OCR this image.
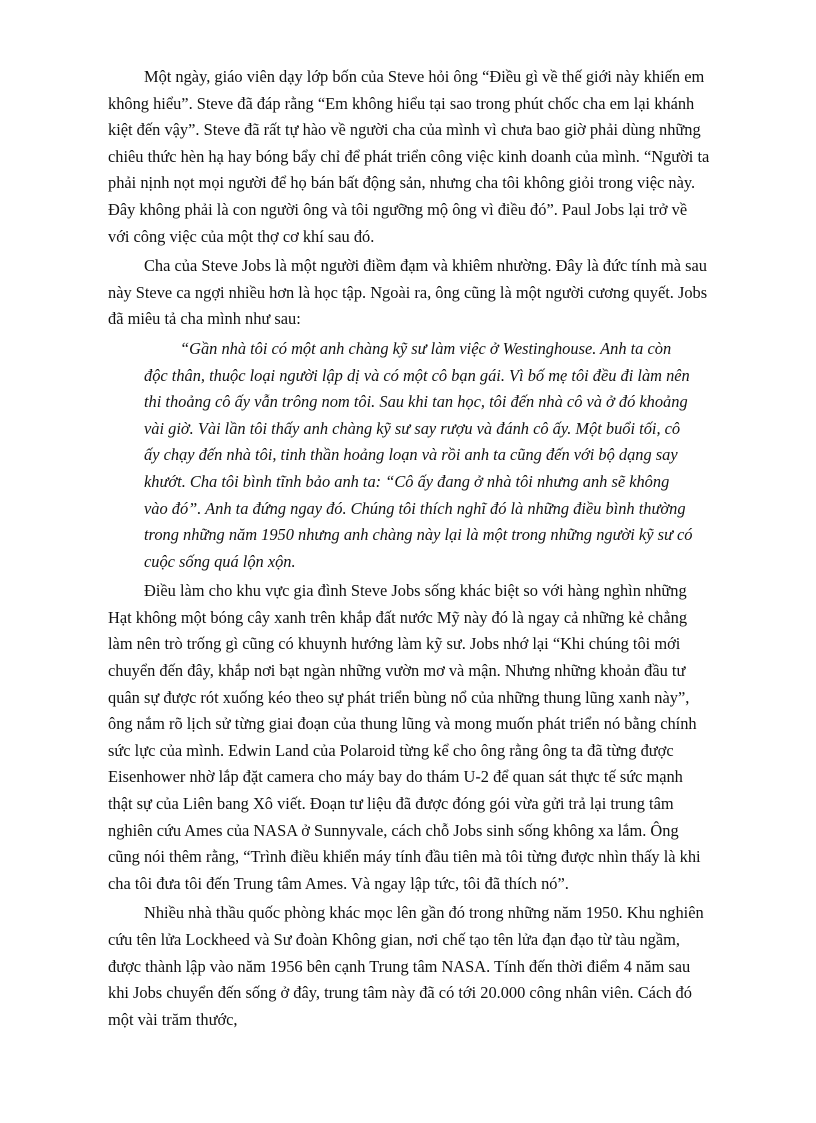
Một ngày, giáo viên dạy lớp bốn của Steve hỏi ông “Điều gì về thế giới này khiến em không hiểu”. Steve đã đáp rằng “Em không hiểu tại sao trong phút chốc cha em lại khánh kiệt đến vậy”. Steve đã rất tự hào về người cha của mình vì chưa bao giờ phải dùng những chiêu thức hèn hạ hay bóng bẩy chỉ để phát triển công việc kinh doanh của mình. “Người ta phải nịnh nọt mọi người để họ bán bất động sản, nhưng cha tôi không giỏi trong việc này. Đây không phải là con người ông và tôi ngưỡng mộ ông vì điều đó”. Paul Jobs lại trở về với công việc của một thợ cơ khí sau đó.

Cha của Steve Jobs là một người điềm đạm và khiêm nhường. Đây là đức tính mà sau này Steve ca ngợi nhiều hơn là học tập. Ngoài ra, ông cũng là một người cương quyết. Jobs đã miêu tả cha mình như sau:

“Gần nhà tôi có một anh chàng kỹ sư làm việc ở Westinghouse. Anh ta còn độc thân, thuộc loại người lập dị và có một cô bạn gái. Vì bố mẹ tôi đều đi làm nên thi thoảng cô ấy vẫn trông nom tôi. Sau khi tan học, tôi đến nhà cô và ở đó khoảng vài giờ. Vài lần tôi thấy anh chàng kỹ sư say rượu và đánh cô ấy. Một buổi tối, cô ấy chạy đến nhà tôi, tinh thần hoảng loạn và rồi anh ta cũng đến với bộ dạng say khướt. Cha tôi bình tĩnh bảo anh ta: “Cô ấy đang ở nhà tôi nhưng anh sẽ không vào đó”. Anh ta đứng ngay đó. Chúng tôi thích nghĩ đó là những điều bình thường trong những năm 1950 nhưng anh chàng này lại là một trong những người kỹ sư có cuộc sống quá lộn xộn.

Điều làm cho khu vực gia đình Steve Jobs sống khác biệt so với hàng nghìn những Hạt không một bóng cây xanh trên khắp đất nước Mỹ này đó là ngay cả những kẻ chẳng làm nên trò trống gì cũng có khuynh hướng làm kỹ sư. Jobs nhớ lại “Khi chúng tôi mới chuyển đến đây, khắp nơi bạt ngàn những vườn mơ và mận. Nhưng những khoản đầu tư quân sự được rót xuống kéo theo sự phát triển bùng nổ của những thung lũng xanh này”, ông nắm rõ lịch sử từng giai đoạn của thung lũng và mong muốn phát triển nó bằng chính sức lực của mình. Edwin Land của Polaroid từng kể cho ông rằng ông ta đã từng được Eisenhower nhờ lắp đặt camera cho máy bay do thám U-2 để quan sát thực tế sức mạnh thật sự của Liên bang Xô viết. Đoạn tư liệu đã được đóng gói vừa gửi trả lại trung tâm nghiên cứu Ames của NASA ở Sunnyvale, cách chỗ Jobs sinh sống không xa lắm. Ông cũng nói thêm rằng, “Trình điều khiển máy tính đầu tiên mà tôi từng được nhìn thấy là khi cha tôi đưa tôi đến Trung tâm Ames. Và ngay lập tức, tôi đã thích nó”.

Nhiều nhà thầu quốc phòng khác mọc lên gần đó trong những năm 1950. Khu nghiên cứu tên lửa Lockheed và Sư đoàn Không gian, nơi chế tạo tên lửa đạn đạo từ tàu ngầm, được thành lập vào năm 1956 bên cạnh Trung tâm NASA. Tính đến thời điểm 4 năm sau khi Jobs chuyển đến sống ở đây, trung tâm này đã có tới 20.000 công nhân viên. Cách đó một vài trăm thước,
